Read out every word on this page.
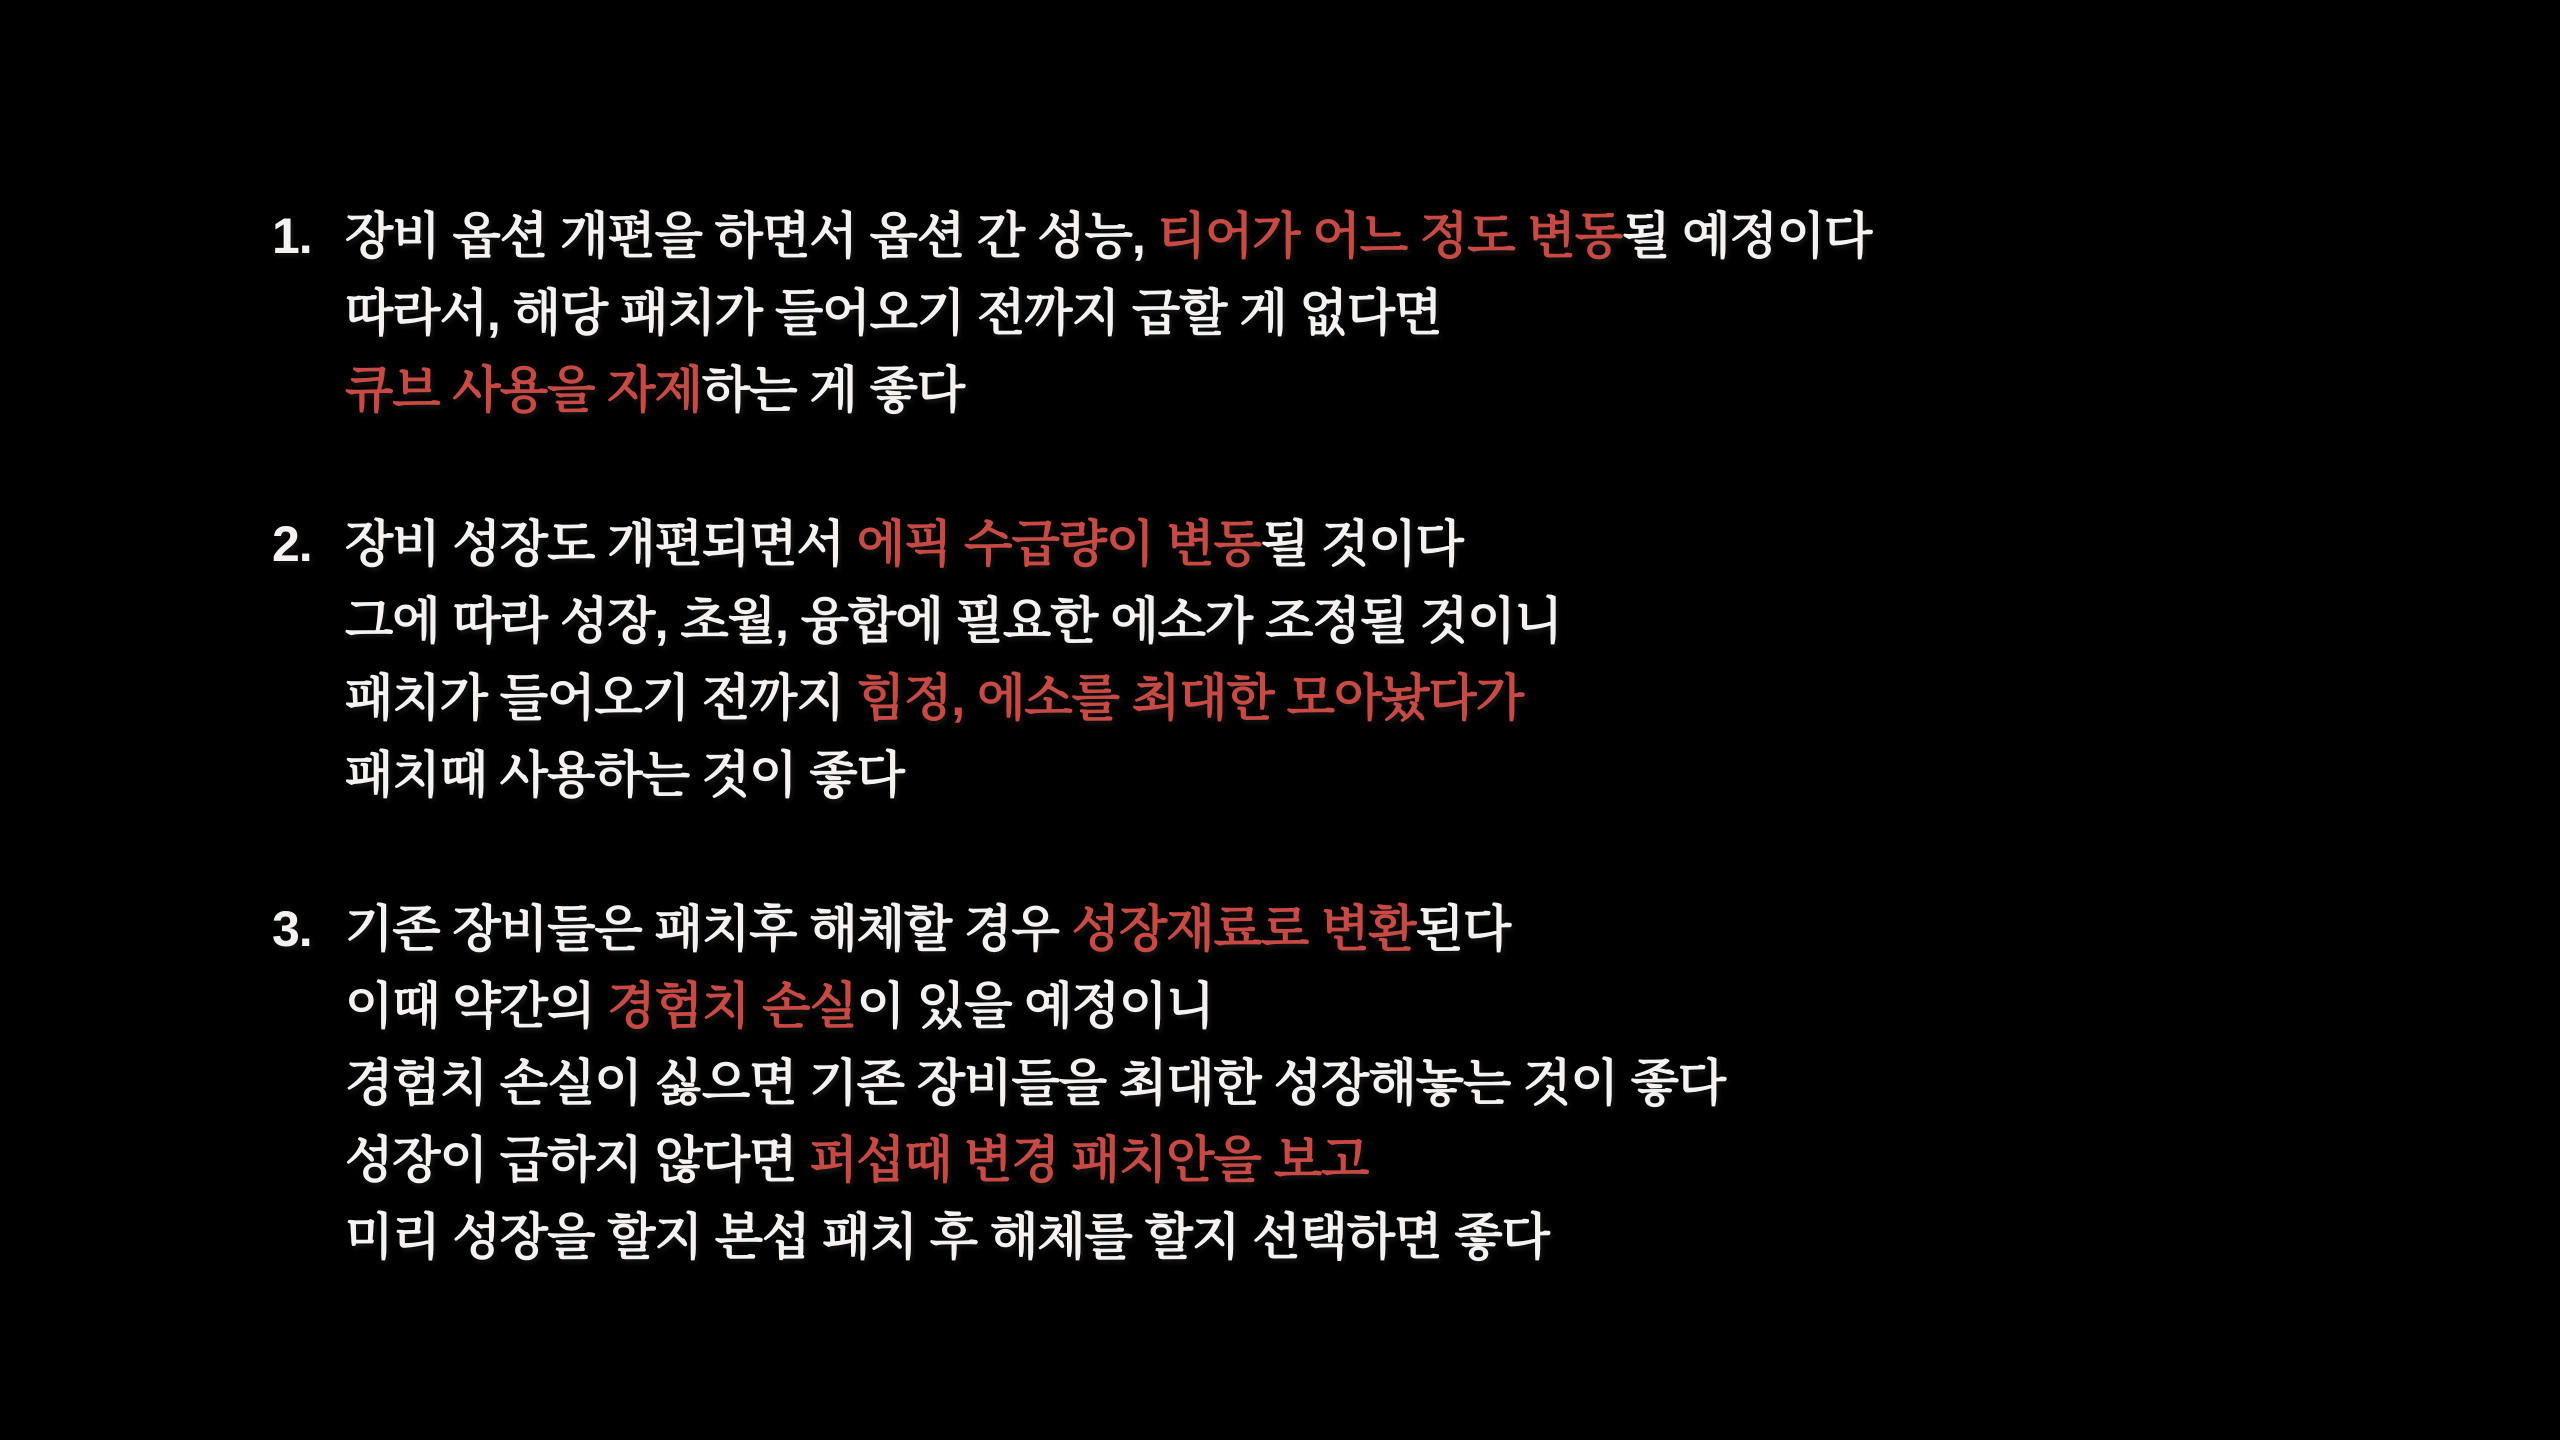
1. 장비 옵션 개편을 하면서 옵션 간 성능, 티어가 어느 정도 변동될 예정이다

따라서, 해당 패치가 들어오기 전까지 급할 게 없다면

큐브 사용을 자제하는 게 좋다

2. 장비 성장도 개편되면서 에픽 수급량이 변동될 것이다

그에 따라 성장, 초월, 융합에 필요한 에소가 조정될 것이니

패치가 들어오기 전까지 힘정, 에소를 최대한 모아놨다가

패치때 사용하는 것이 좋다

3. 기존 장비들은 패치후 해체할 경우 성장재료로 변환된다

이때 약간의 경험치 손실이 있을 예정이니

경험치 손실이 싫으면 기존 장비들을 최대한 성장해놓는 것이 좋다

성장이 급하지 않다면 퍼섭때 변경 패치안을 보고

미리 성장을 할지 본섭 패치 후 해체를 할지 선택하면 좋다
